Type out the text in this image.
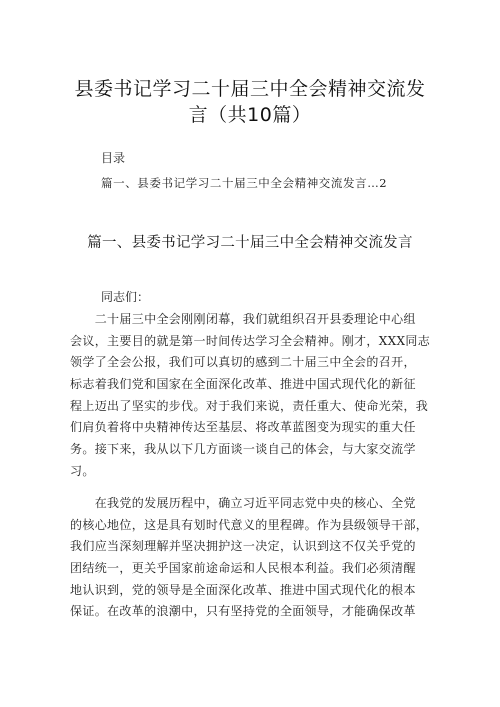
县委书记学习二十届三中全会精神交流发
言（共10篇）
目录
篇一、县委书记学习二十届三中全会精神交流发言…2
篇一、县委书记学习二十届三中全会精神交流发言
同志们：

　　二十届三中全会刚刚闭幕，我们就组织召开县委理论中心组
会议，主要目的就是第一时间传达学习全会精神。刚才，XXX同志
领学了全会公报，我们可以真切的感到二十届三中全会的召开，
标志着我们党和国家在全面深化改革、推进中国式现代化的新征
程上迈出了坚实的步伐。对于我们来说，责任重大、使命光荣，我
们肩负着将中央精神传达至基层、将改革蓝图变为现实的重大任
务。接下来，我从以下几方面谈一谈自己的体会，与大家交流学
习。

　　在我党的发展历程中，确立习近平同志党中央的核心、全党
的核心地位，这是具有划时代意义的里程碑。作为县级领导干部，
我们应当深刻理解并坚决拥护这一决定，认识到这不仅关乎党的
团结统一，更关乎国家前途命运和人民根本利益。我们必须清醒
地认识到，党的领导是全面深化改革、推进中国式现代化的根本
保证。在改革的浪潮中，只有坚持党的全面领导，才能确保改革
